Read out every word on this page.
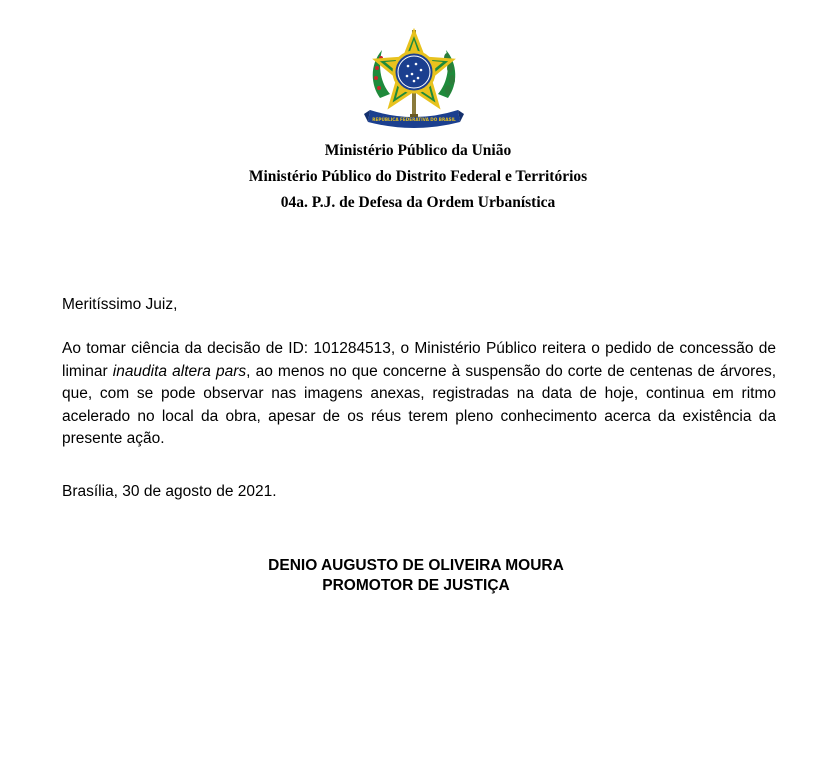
REPÚBLICA FEDERATIVA DO BRASIL
Ministério Público da União
Ministério Público do Distrito Federal e Territórios
04a. P.J. de Defesa da Ordem Urbanística
Meritíssimo Juiz,
Ao tomar ciência da decisão de ID: 101284513, o Ministério Público reitera o pedido de concessão de liminar inaudita altera pars, ao menos no que concerne à suspensão do corte de centenas de árvores, que, com se pode observar nas imagens anexas, registradas na data de hoje, continua em ritmo acelerado no local da obra, apesar de os réus terem pleno conhecimento acerca da existência da presente ação.
Brasília, 30 de agosto de 2021.
DENIO AUGUSTO DE OLIVEIRA MOURA
PROMOTOR DE JUSTIÇA
